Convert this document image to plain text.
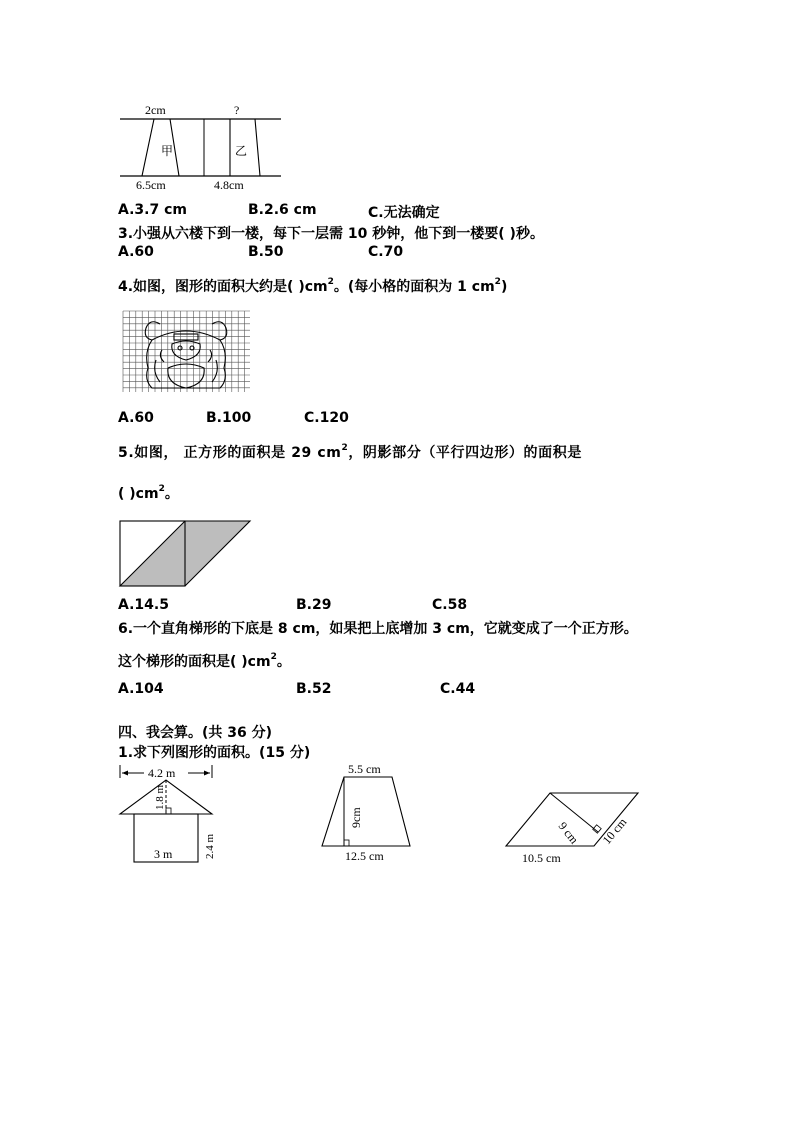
2cm	?
甲	乙
6.5cm	4.8cm
A.3.7 cm	B.2.6 cm	C.无法确定
3.小强从六楼下到一楼，每下一层需 10 秒钟，他下到一楼要( )秒。
A.60	B.50	C.70
4.如图，图形的面积大约是( )$cm^2$。(每小格的面积为 1 $cm^2$)
A.60	B.100	C.120
5.如图， 正方形的面积是 29 $cm^2$，阴影部分（平行四边形）的面积是
( )$cm^2$。
A.14.5	B.29	C.58
6.一个直角梯形的下底是 8 cm，如果把上底增加 3 cm，它就变成了一个正方形。
这个梯形的面积是( )$cm^2$。
A.104	B.52	C.44
四、我会算。(共 36 分)
1.求下列图形的面积。(15 分)
4.2 m
1.8 m
2.4 m
3 m
5.5 cm
9cm
12.5 cm
9 cm 10 cm
10.5 cm
